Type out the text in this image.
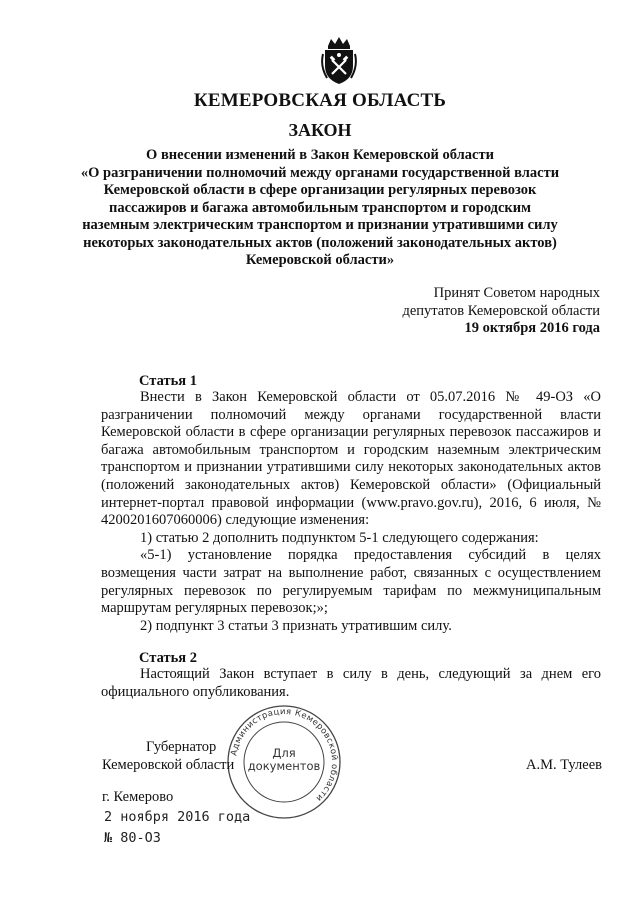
КЕМЕРОВСКАЯ ОБЛАСТЬ
ЗАКОН
О внесении изменений в Закон Кемеровской области
«О разграничении полномочий между органами государственной власти
Кемеровской области в сфере организации регулярных перевозок
пассажиров и багажа автомобильным транспортом и городским
наземным электрическим транспортом и признании утратившими силу
некоторых законодательных актов (положений законодательных актов)
Кемеровской области»
Принят Советом народных
депутатов Кемеровской области
19 октября 2016 года
Статья 1

Внести в Закон Кемеровской области от 05.07.2016 № 49-ОЗ «О разграничении полномочий между органами государственной власти Кемеровской области в сфере организации регулярных перевозок пассажиров и багажа автомобильным транспортом и городским наземным электрическим транспортом и признании утратившими силу некоторых законодательных актов (положений законодательных актов) Кемеровской области» (Официальный интернет-портал правовой информации (www.pravo.gov.ru), 2016, 6 июля, № 4200201607060006) следующие изменения:

1) статью 2 дополнить подпунктом 5-1 следующего содержания:

«5-1) установление порядка предоставления субсидий в целях возмещения части затрат на выполнение работ, связанных с осуществлением регулярных перевозок по регулируемым тарифам по межмуниципальным маршрутам регулярных перевозок;»;

2) подпункт 3 статьи 3 признать утратившим силу.

Статья 2

Настоящий Закон вступает в силу в день, следующий за днем его официального опубликования.

Администрация Кемеровской области
Для
документов
Губернатор
Кемеровской области	А.М. Тулеев
г. Кемерово
2 ноября 2016 года
№ 80-ОЗ
